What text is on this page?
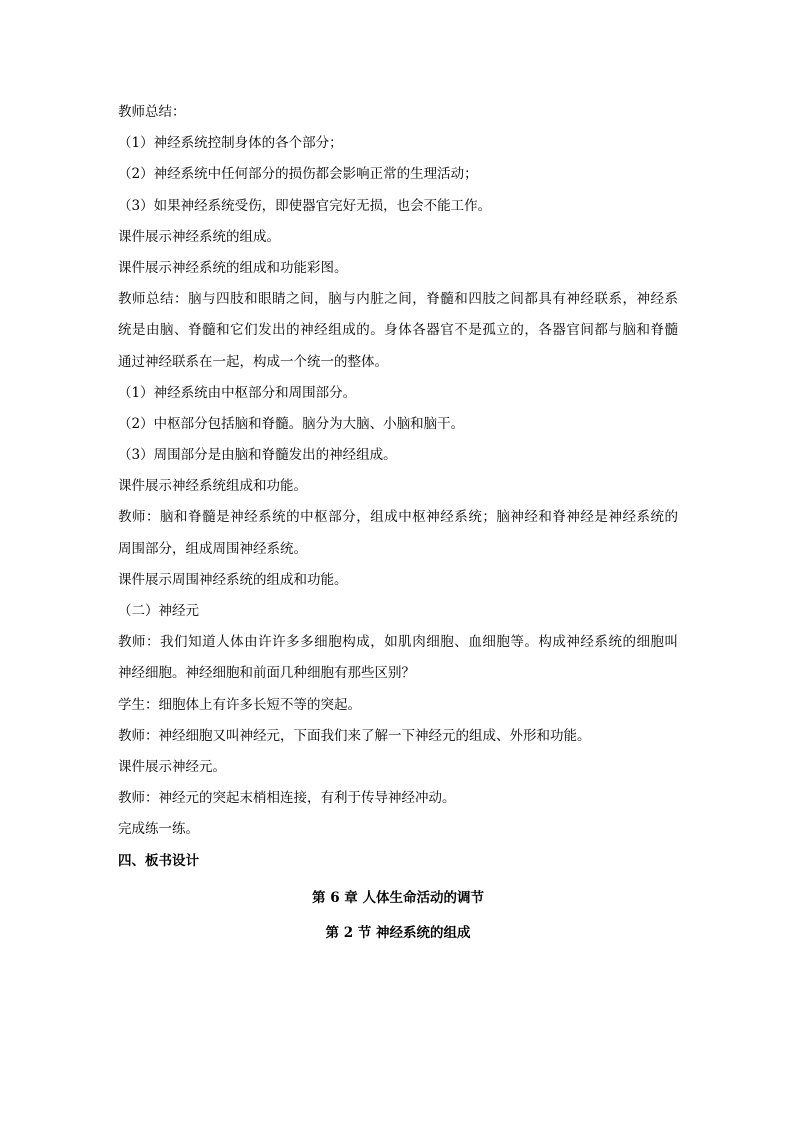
教师总结：
（1）神经系统控制身体的各个部分；
（2）神经系统中任何部分的损伤都会影响正常的生理活动；
（3）如果神经系统受伤，即使器官完好无损，也会不能工作。
课件展示神经系统的组成。
课件展示神经系统的组成和功能彩图。
教师总结：脑与四肢和眼睛之间，脑与内脏之间，脊髓和四肢之间都具有神经联系，神经系
统是由脑、脊髓和它们发出的神经组成的。身体各器官不是孤立的，各器官间都与脑和脊髓
通过神经联系在一起，构成一个统一的整体。
（1）神经系统由中枢部分和周围部分。
（2）中枢部分包括脑和脊髓。脑分为大脑、小脑和脑干。
（3）周围部分是由脑和脊髓发出的神经组成。
课件展示神经系统组成和功能。
教师：脑和脊髓是神经系统的中枢部分，组成中枢神经系统；脑神经和脊神经是神经系统的
周围部分，组成周围神经系统。
课件展示周围神经系统的组成和功能。
（二）神经元
教师：我们知道人体由许许多多细胞构成，如肌肉细胞、血细胞等。构成神经系统的细胞叫
神经细胞。神经细胞和前面几种细胞有那些区别？
学生：细胞体上有许多长短不等的突起。
教师：神经细胞又叫神经元，下面我们来了解一下神经元的组成、外形和功能。
课件展示神经元。
教师：神经元的突起末梢相连接，有利于传导神经冲动。
完成练一练。
四、板书设计
第 6 章 人体生命活动的调节
第 2 节 神经系统的组成
